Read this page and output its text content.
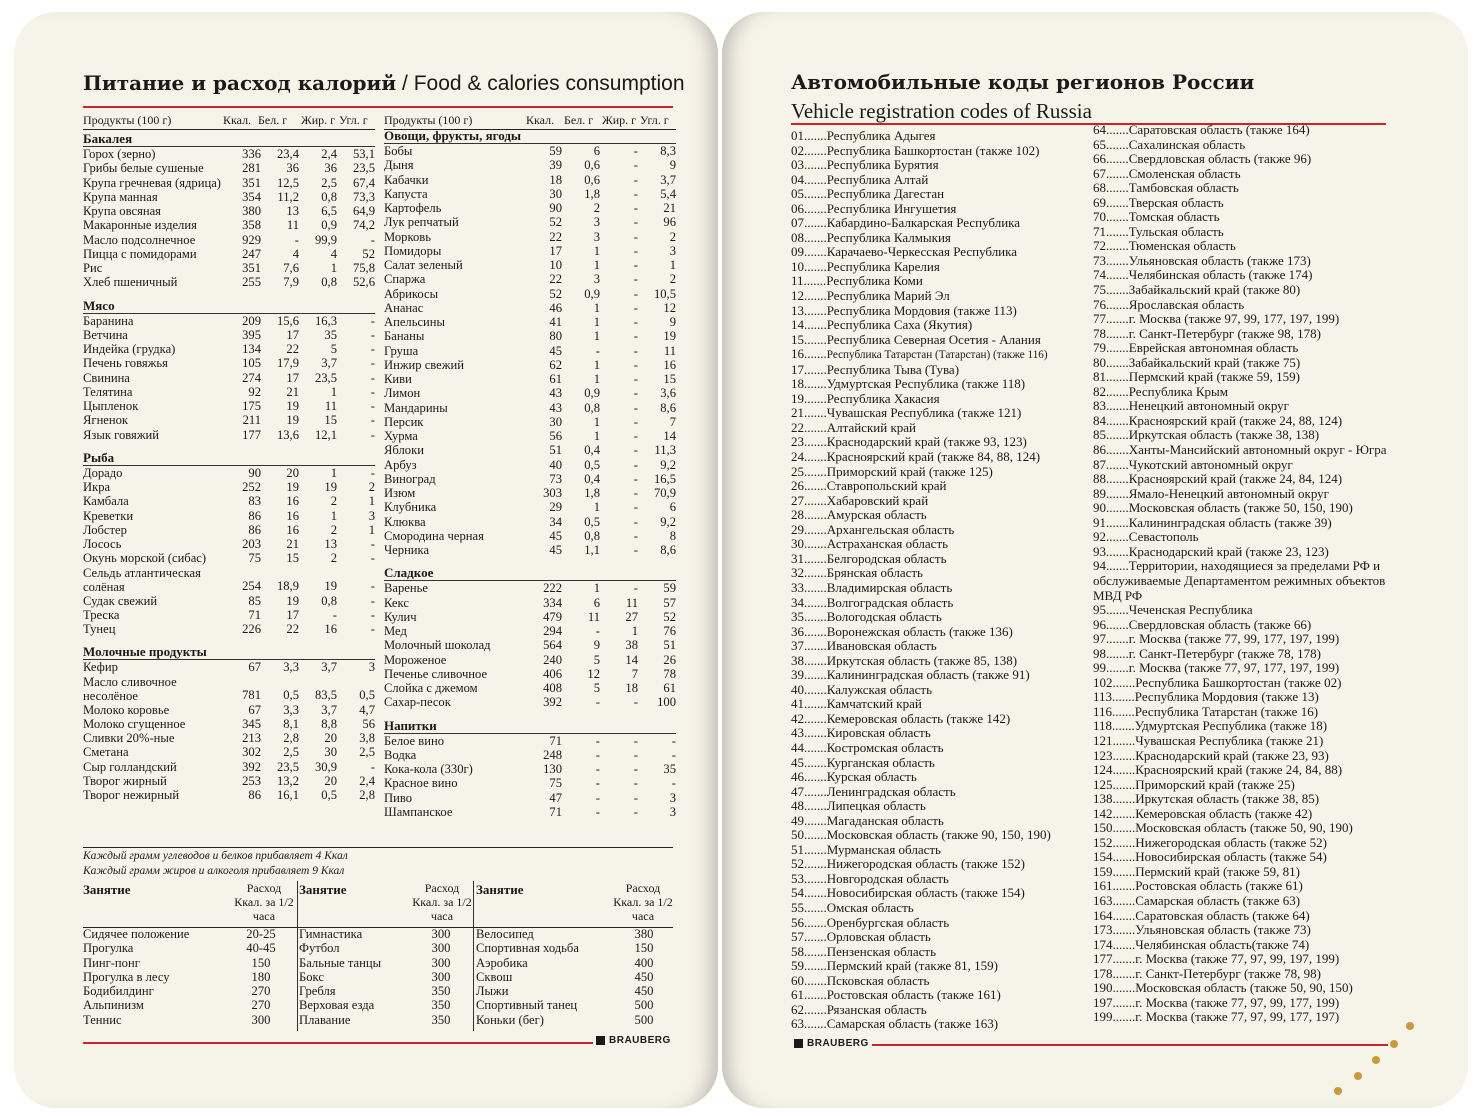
Питание и расход калорий / Food & calories consumption
Продукты (100 г)	Ккал. Бел. г Жир. г Угл. г Продукты (100 г)	Ккал. Бел. г Жир. г Угл. г
Бакалея
Горох (зерно)	336	23,4	2,4	53,1
Грибы белые сушеные	281	36	36	23,5
Крупа гречневая (ядрица)	351	12,5	2,5	67,4
Крупа манная	354	11,2	0,8	73,3
Крупа овсяная	380	13	6,5	64,9
Макаронные изделия	358	11	0,9	74,2
Масло подсолнечное	929	-	99,9	-
Пицца с помидорами	247	4	4	52
Рис	351	7,6	1	75,8
Хлеб пшеничный	255	7,9	0,8	52,6
Мясо
Баранина	209	15,6	16,3	-
Ветчина	395	17	35	-
Индейка (грудка)	134	22	5	-
Печень говяжья	105	17,9	3,7	-
Свинина	274	17	23,5	-
Телятина	92	21	1	-
Цыпленок	175	19	11	-
Ягненок	211	19	15	-
Язык говяжий	177	13,6	12,1	-
Рыба
Дорадо	90	20	1	-
Икра	252	19	19	2
Камбала	83	16	2	1
Креветки	86	16	1	3
Лобстер	86	16	2	1
Лосось	203	21	13	-
Окунь морской (сибас)	75	15	2	-
Сельдь атлантическая солёная	254	18,9	19	-
Судак свежий	85	19	0,8	-
Треска	71	17	-	-
Тунец	226	22	16	-
Молочные продукты
Кефир	67	3,3	3,7	3
Масло сливочное несолёное	781	0,5	83,5	0,5
Молоко коровье	67	3,3	3,7	4,7
Молоко сгущенное	345	8,1	8,8	56
Сливки 20%-ные	213	2,8	20	3,8
Сметана	302	2,5	30	2,5
Сыр голландский	392	23,5	30,9	-
Творог жирный	253	13,2	20	2,4
Творог нежирный	86	16,1	0,5	2,8
Овощи, фрукты, ягоды
Бобы	59	6	-	8,3
Дыня	39	0,6	-	9
Кабачки	18	0,6	-	3,7
Капуста	30	1,8	-	5,4
Картофель	90	2	-	21
Лук репчатый	52	3	-	96
Морковь	22	3	-	2
Помидоры	17	1	-	3
Салат зеленый	10	1	-	1
Спаржа	22	3	-	2
Абрикосы	52	0,9	-	10,5
Ананас	46	1	-	12
Апельсины	41	1	-	9
Бананы	80	1	-	19
Груша	45	-	-	11
Инжир свежий	62	1	-	16
Киви	61	1	-	15
Лимон	43	0,9	-	3,6
Мандарины	43	0,8	-	8,6
Персик	30	1	-	7
Хурма	56	1	-	14
Яблоки	51	0,4	-	11,3
Арбуз	40	0,5	-	9,2
Виноград	73	0,4	-	16,5
Изюм	303	1,8	-	70,9
Клубника	29	1	-	6
Клюква	34	0,5	-	9,2
Смородина черная	45	0,8	-	8
Черника	45	1,1	-	8,6
Сладкое
Варенье	222	1	-	59
Кекс	334	6	11	57
Кулич	479	11	27	52
Мед	294	-	1	76
Молочный шоколад	564	9	38	51
Мороженое	240	5	14	26
Печенье сливочное	406	12	7	78
Слойка с джемом	408	5	18	61
Сахар-песок	392	-	-	100
Напитки
Белое вино	71	-	-	-
Водка	248	-	-	-
Кока-кола (330г)	130	-	-	35
Красное вино	75	-	-	-
Пиво	47	-	-	3
Шампанское	71	-	-	3
Каждый грамм углеводов и белков прибавляет 4 Ккал
Каждый грамм жиров и алкоголя прибавляет 9 Ккал
Занятие	Расход Ккал. за 1/2 часа
Занятие	Расход Ккал. за 1/2 часа
Занятие	Расход Ккал. за 1/2 часа
Сидячее положение	20-25
Прогулка	40-45
Пинг-понг	150
Прогулка в лесу	180
Бодибилдинг	270
Альпинизм	270
Теннис	300
Гимнастика	300
Футбол	300
Бальные танцы	300
Бокс	300
Гребля	350
Верховая езда	350
Плавание	350
Велосипед	380
Спортивная ходьба	150
Аэробика	400
Сквош	450
Лыжи	450
Спортивный танец	500
Коньки (бег)	500
BRAUBERG
Автомобильные коды регионов России
Vehicle registration codes of Russia
01.......Республика Адыгея
02.......Республика Башкортостан (также 102)
03.......Республика Бурятия
04.......Республика Алтай
05.......Республика Дагестан
06.......Республика Ингушетия
07.......Кабардино-Балкарская Республика
08.......Республика Калмыкия
09.......Карачаево-Черкесская Республика
10.......Республика Карелия
11.......Республика Коми
12.......Республика Марий Эл
13.......Республика Мордовия (также 113)
14.......Республика Саха (Якутия)
15.......Республика Северная Осетия - Алания
16.......Республика Татарстан (Татарстан) (также 116)
17.......Республика Тыва (Тува)
18.......Удмуртская Республика (также 118)
19.......Республика Хакасия
21.......Чувашская Республика (также 121)
22.......Алтайский край
23.......Краснодарский край (также 93, 123)
24.......Красноярский край (также 84, 88, 124)
25.......Приморский край (также 125)
26.......Ставропольский край
27.......Хабаровский край
28.......Амурская область
29.......Архангельская область
30.......Астраханская область
31.......Белгородская область
32.......Брянская область
33.......Владимирская область
34.......Волгоградская область
35.......Вологодская область
36.......Воронежская область (также 136)
37.......Ивановская область
38.......Иркутская область (также 85, 138)
39.......Калининградская область (также 91)
40.......Калужская область
41.......Камчатский край
42.......Кемеровская область (также 142)
43.......Кировская область
44.......Костромская область
45.......Курганская область
46.......Курская область
47.......Ленинградская область
48.......Липецкая область
49.......Магаданская область
50.......Московская область (также 90, 150, 190)
51.......Мурманская область
52.......Нижегородская область (также 152)
53.......Новгородская область
54.......Новосибирская область (также 154)
55.......Омская область
56.......Оренбургская область
57.......Орловская область
58.......Пензенская область
59.......Пермский край (также 81, 159)
60.......Псковская область
61.......Ростовская область (также 161)
62.......Рязанская область
63.......Самарская область (также 163)
64.......Саратовская область (также 164)
65.......Сахалинская область
66.......Свердловская область (также 96)
67.......Смоленская область
68.......Тамбовская область
69.......Тверская область
70.......Томская область
71.......Тульская область
72.......Тюменская область
73.......Ульяновская область (также 173)
74.......Челябинская область (также 174)
75.......Забайкальский край (также 80)
76.......Ярославская область
77.......г. Москва (также 97, 99, 177, 197, 199)
78.......г. Санкт-Петербург (также 98, 178)
79.......Еврейская автономная область
80.......Забайкальский край (также 75)
81.......Пермский край (также 59, 159)
82.......Республика Крым
83.......Ненецкий автономный округ
84.......Красноярский край (также 24, 88, 124)
85.......Иркутская область (также 38, 138)
86.......Ханты-Мансийский автономный округ - Югра
87.......Чукотский автономный округ
88.......Красноярский край (также 24, 84, 124)
89.......Ямало-Ненецкий автономный округ
90.......Московская область (также 50, 150, 190)
91.......Калининградская область (также 39)
92.......Севастополь
93.......Краснодарский край (также 23, 123)
94.......Территории, находящиеся за пределами РФ и обслуживаемые Департаментом режимных объектов МВД РФ
95.......Чеченская Республика
96.......Свердловская область (также 66)
97.......г. Москва (также 77, 99, 177, 197, 199)
98.......г. Санкт-Петербург (также 78, 178)
99.......г. Москва (также 77, 97, 177, 197, 199)
102.......Республика Башкортостан (также 02)
113.......Республика Мордовия (также 13)
116.......Республика Татарстан (также 16)
118.......Удмуртская Республика (также 18)
121.......Чувашская Республика (также 21)
123.......Краснодарский край (также 23, 93)
124.......Красноярский край (также 24, 84, 88)
125.......Приморский край (также 25)
138.......Иркутская область (также 38, 85)
142.......Кемеровская область (также 42)
150.......Московская область (также 50, 90, 190)
152.......Нижегородская область (также 52)
154.......Новосибирская область (также 54)
159.......Пермский край (также 59, 81)
161.......Ростовская область (также 61)
163.......Самарская область (также 63)
164.......Саратовская область (также 64)
173.......Ульяновская область (также 73)
174.......Челябинская область(также 74)
177.......г. Москва (также 77, 97, 99, 197, 199)
178.......г. Санкт-Петербург (также 78, 98)
190.......Московская область (также 50, 90, 150)
197.......г. Москва (также 77, 97, 99, 177, 199)
199.......г. Москва (также 77, 97, 99, 177, 197)
BRAUBERG
